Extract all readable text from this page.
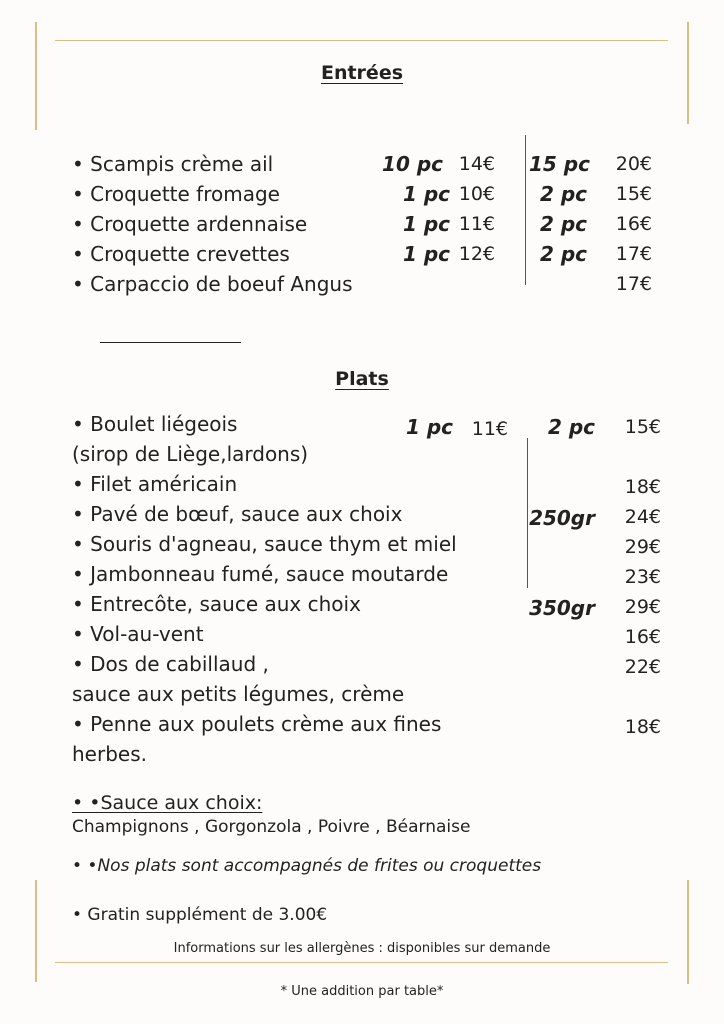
Entrées
• Scampis crème ail	10 pc 14€ 15 pc 20€
• Croquette fromage	1 pc 10€ 2 pc 15€
• Croquette ardennaise	1 pc 11€ 2 pc 16€
• Croquette crevettes	1 pc 12€ 2 pc 17€
• Carpaccio de boeuf Angus	17€
Plats
• Boulet liégeois	1 pc 11€ 2 pc 15€
(sirop de Liège,lardons)
• Filet américain	18€
• Pavé de bœuf, sauce aux choix	250gr 24€
• Souris d'agneau, sauce thym et miel	29€
• Jambonneau fumé, sauce moutarde	23€
• Entrecôte, sauce aux choix	350gr 29€
• Vol-au-vent	16€
• Dos de cabillaud ,	22€
sauce aux petits légumes, crème
• Penne aux poulets crème aux fines	18€
herbes.
• •Sauce aux choix:
Champignons , Gorgonzola , Poivre , Béarnaise
• •Nos plats sont accompagnés de frites ou croquettes
• Gratin supplément de 3.00€
Informations sur les allergènes : disponibles sur demande
* Une addition par table*
